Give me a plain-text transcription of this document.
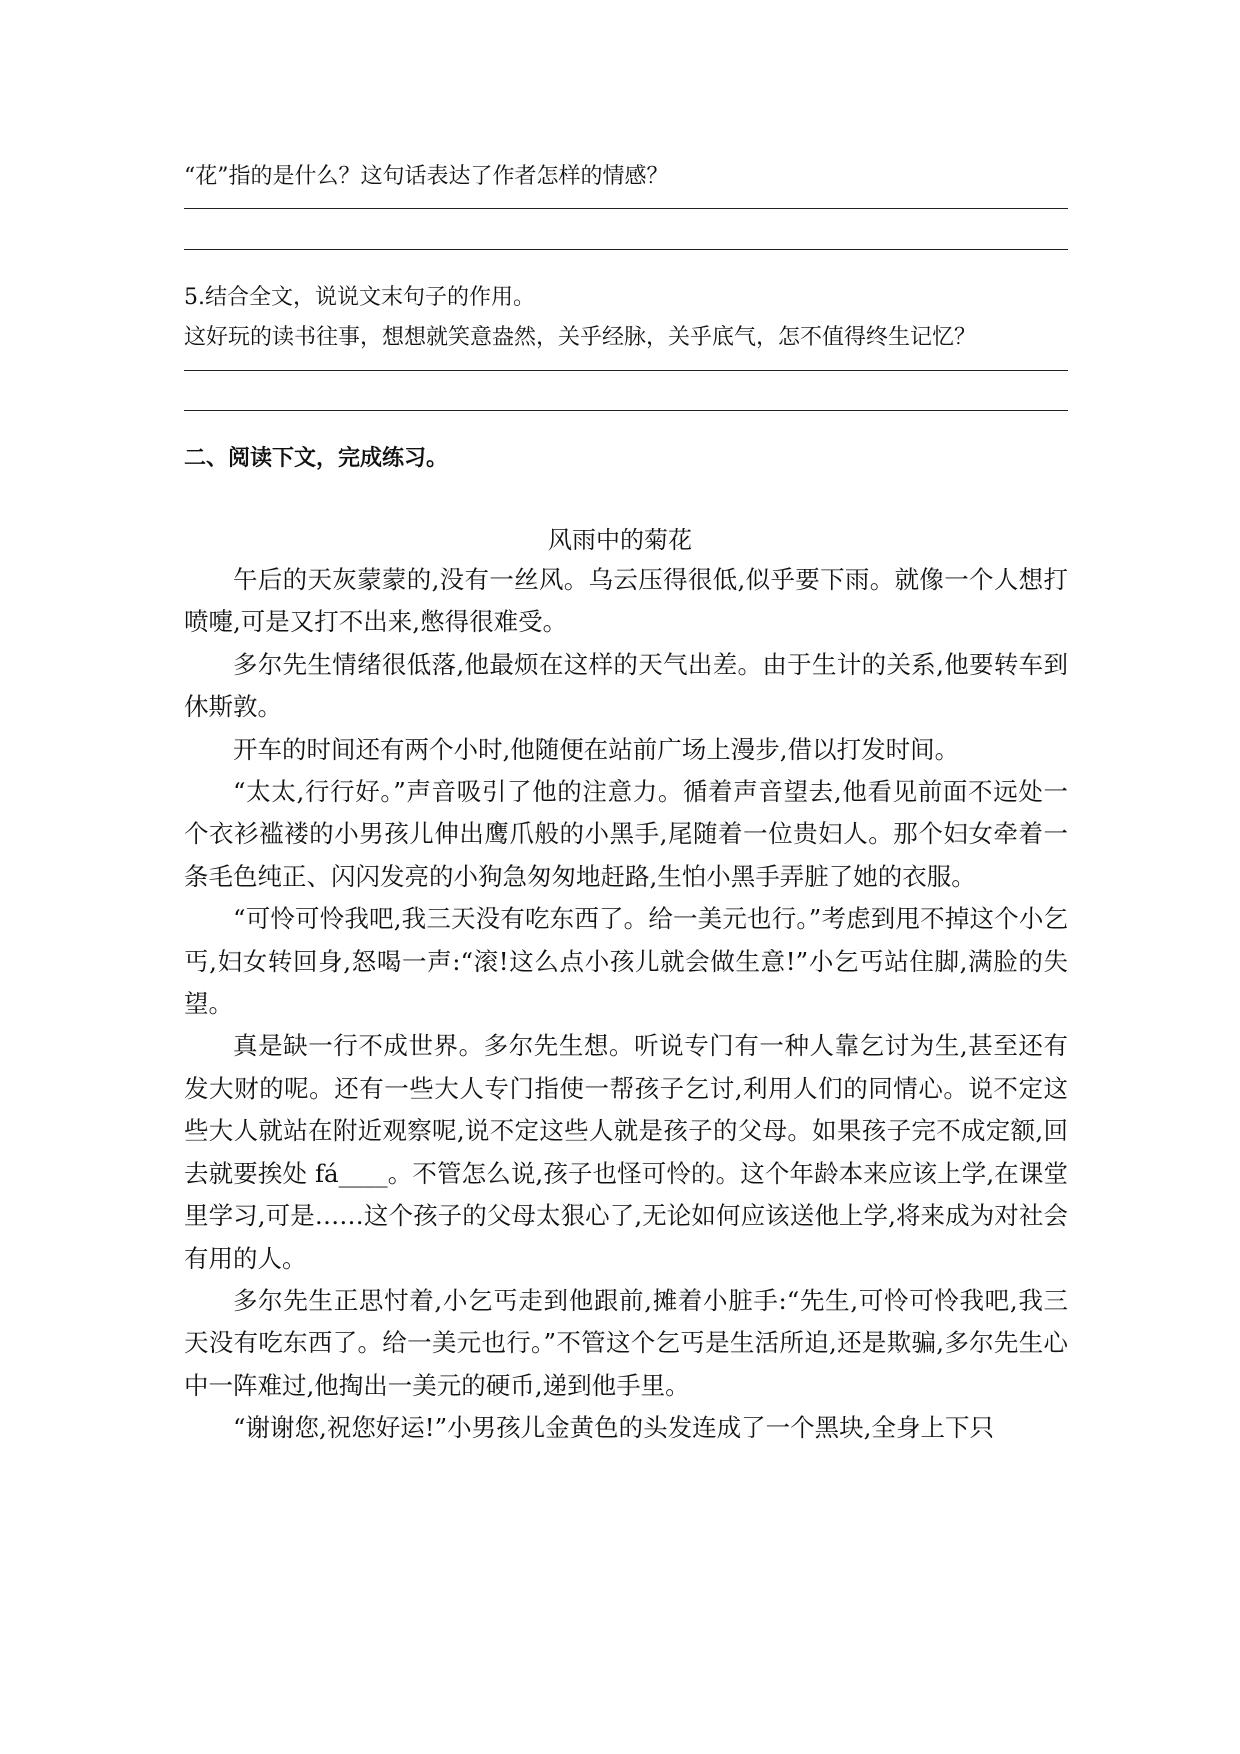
“花”指的是什么？这句话表达了作者怎样的情感？
5.结合全文，说说文末句子的作用。
这好玩的读书往事，想想就笑意盎然，关乎经脉，关乎底气，怎不值得终生记忆？
二、阅读下文，完成练习。
风雨中的菊花

午后的天灰蒙蒙的,没有一丝风。乌云压得很低,似乎要下雨。就像一个人想打喷嚏,可是又打不出来,憋得很难受。

多尔先生情绪很低落,他最烦在这样的天气出差。由于生计的关系,他要转车到休斯敦。

开车的时间还有两个小时,他随便在站前广场上漫步,借以打发时间。

“太太,行行好。”声音吸引了他的注意力。循着声音望去,他看见前面不远处一个衣衫褴褛的小男孩儿伸出鹰爪般的小黑手,尾随着一位贵妇人。那个妇女牵着一条毛色纯正、闪闪发亮的小狗急匆匆地赶路,生怕小黑手弄脏了她的衣服。

“可怜可怜我吧,我三天没有吃东西了。给一美元也行。”考虑到甩不掉这个小乞丐,妇女转回身,怒喝一声:“滚!这么点小孩儿就会做生意!”小乞丐站住脚,满脸的失望。

真是缺一行不成世界。多尔先生想。听说专门有一种人靠乞讨为生,甚至还有发大财的呢。还有一些大人专门指使一帮孩子乞讨,利用人们的同情心。说不定这些大人就站在附近观察呢,说不定这些人就是孩子的父母。如果孩子完不成定额,回去就要挨处 fá____。不管怎么说,孩子也怪可怜的。这个年龄本来应该上学,在课堂里学习,可是……这个孩子的父母太狠心了,无论如何应该送他上学,将来成为对社会有用的人。

多尔先生正思忖着,小乞丐走到他跟前,摊着小脏手:“先生,可怜可怜我吧,我三天没有吃东西了。给一美元也行。”不管这个乞丐是生活所迫,还是欺骗,多尔先生心中一阵难过,他掏出一美元的硬币,递到他手里。

“谢谢您,祝您好运!”小男孩儿金黄色的头发连成了一个黑块,全身上下只
